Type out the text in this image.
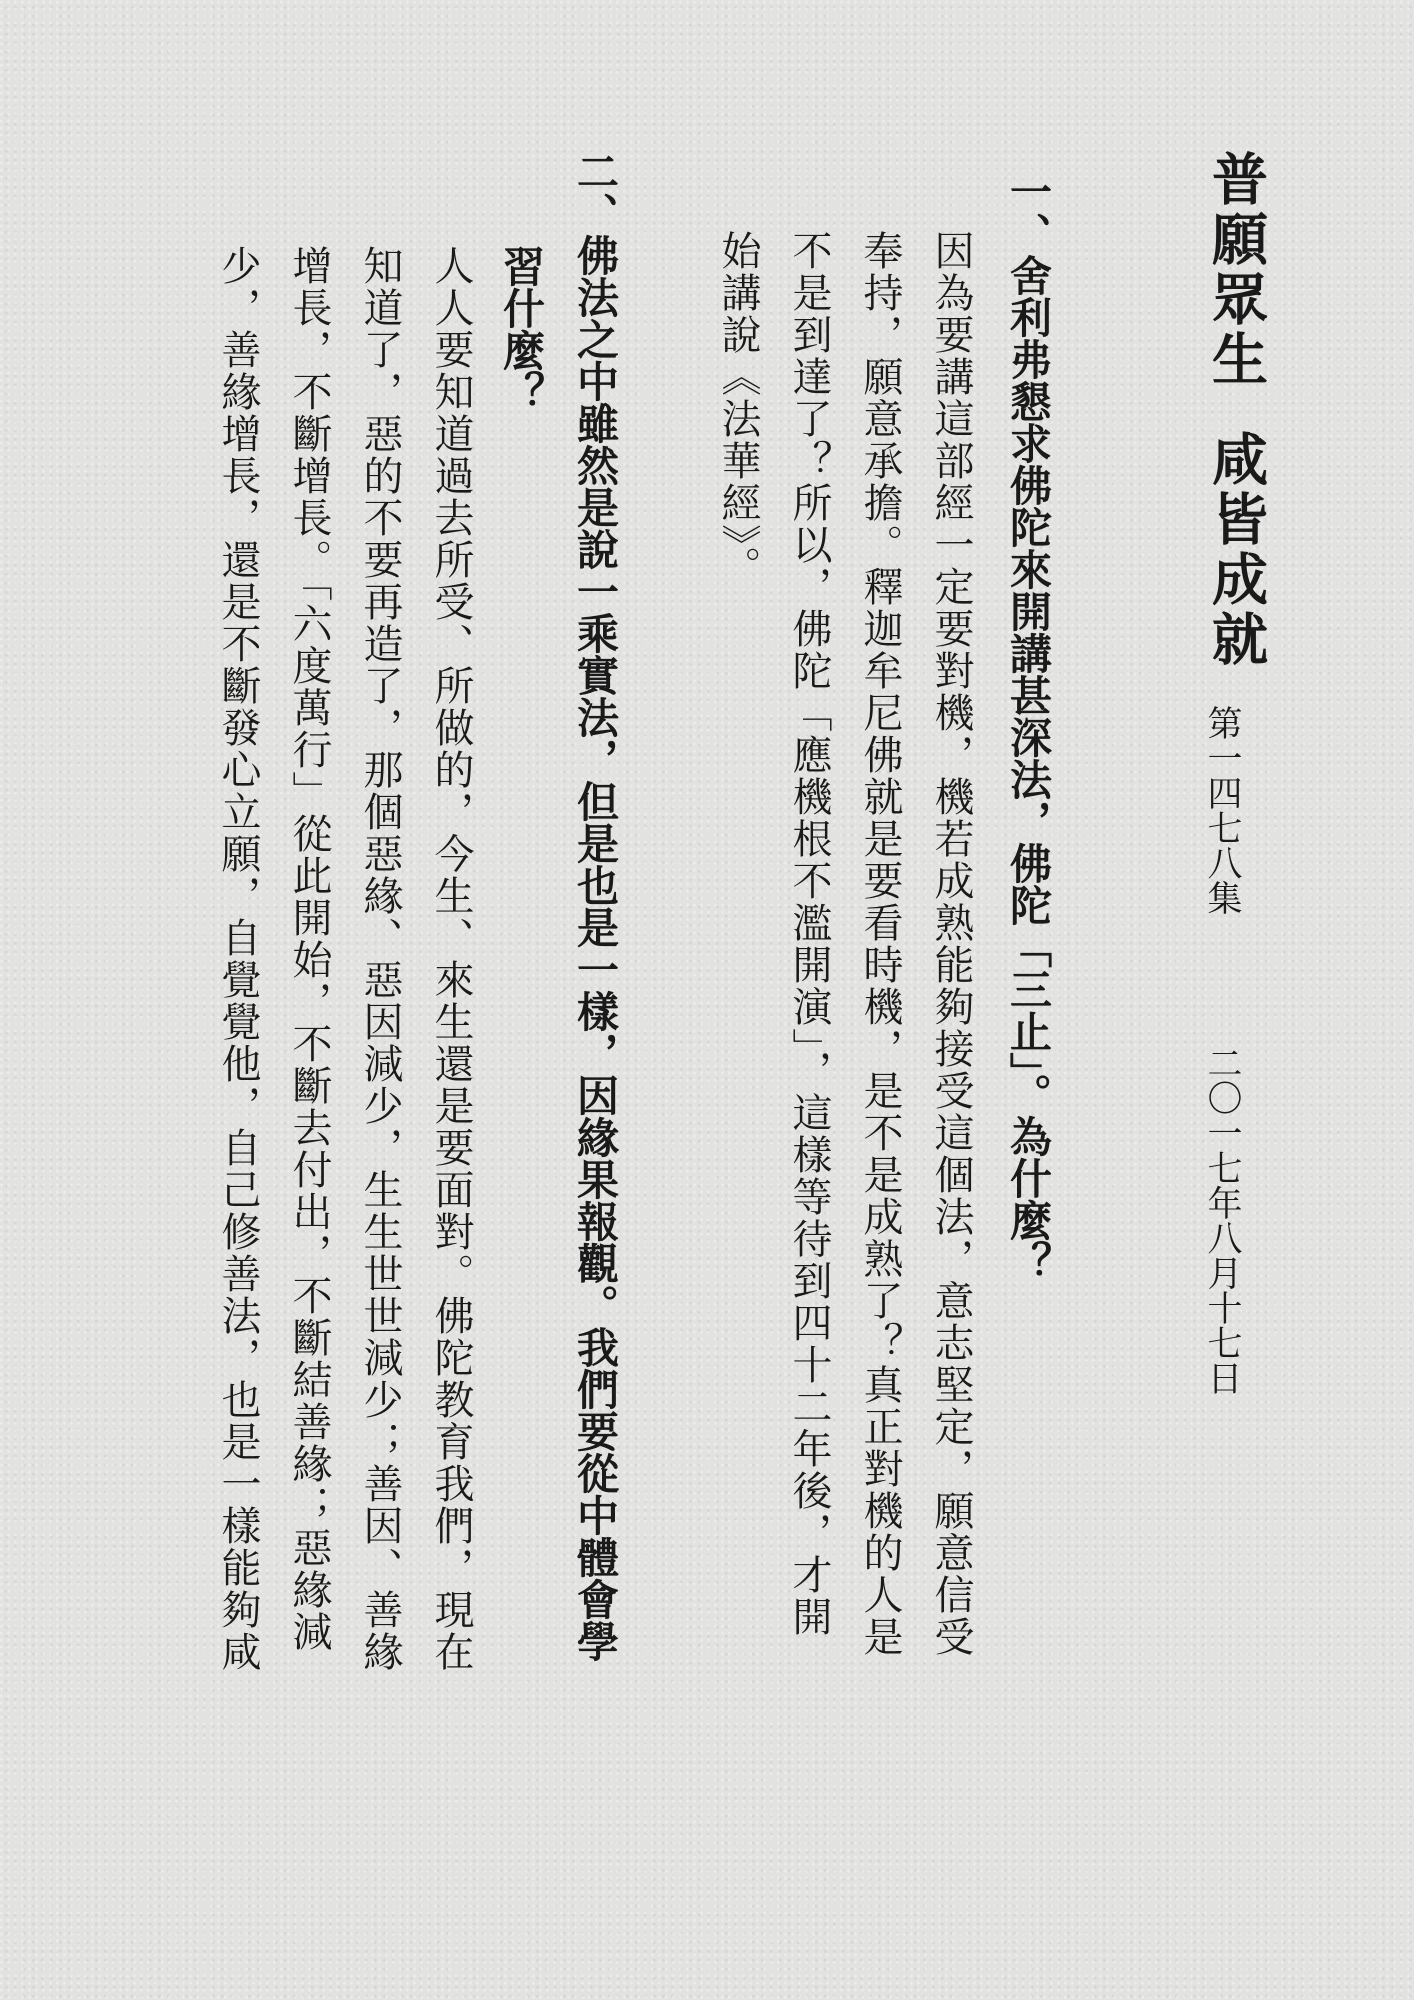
普願眾生
咸皆成就
第一四七八集
二〇一七年八月十七日
一、舍利弗懇求佛陀來開講甚深法，佛陀「三止」。為什麼？
因為要講這部經一定要對機，機若成熟能夠接受這個法，意志堅定，願意信受
奉持，願意承擔。釋迦牟尼佛就是要看時機，是不是成熟了？真正對機的人是
不是到達了？所以，佛陀「應機根不濫開演」，這樣等待到四十二年後，才開
始講說《法華經》。
二、佛法之中雖然是說一乘實法，但是也是一樣，因緣果報觀。我們要從中體會學
習什麼？
人人要知道過去所受、所做的，今生、來生還是要面對。佛陀教育我們，現在
知道了，惡的不要再造了，那個惡緣、惡因減少，生生世世減少；善因、善緣
增長，不斷增長。「六度萬行」從此開始，不斷去付出，不斷結善緣；惡緣減
少，善緣增長，還是不斷發心立願，自覺覺他，自己修善法，也是一樣能夠咸
